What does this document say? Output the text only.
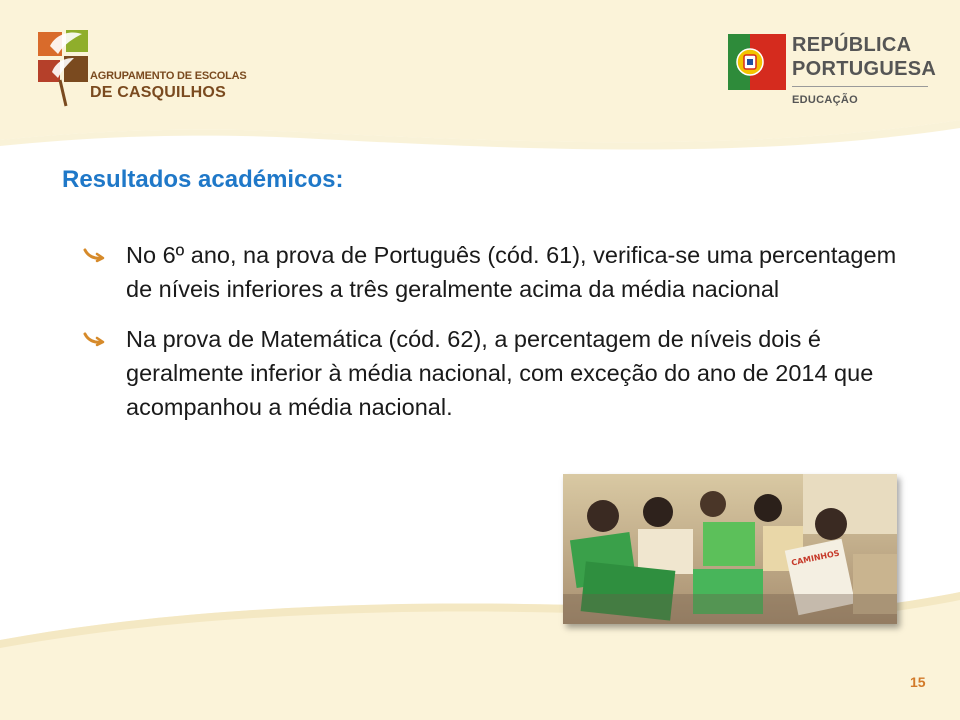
AGRUPAMENTO DE ESCOLAS
DE CASQUILHOS
REPÚBLICA
PORTUGUESA
EDUCAÇÃO
Resultados académicos:
No 6º ano, na prova de Português (cód. 61), verifica-se uma percentagem de níveis inferiores a três geralmente acima da média nacional
Na prova de Matemática (cód. 62), a percentagem de níveis dois é geralmente inferior à média nacional, com exceção do ano de 2014 que acompanhou a média nacional.
CAMINHOS
15
